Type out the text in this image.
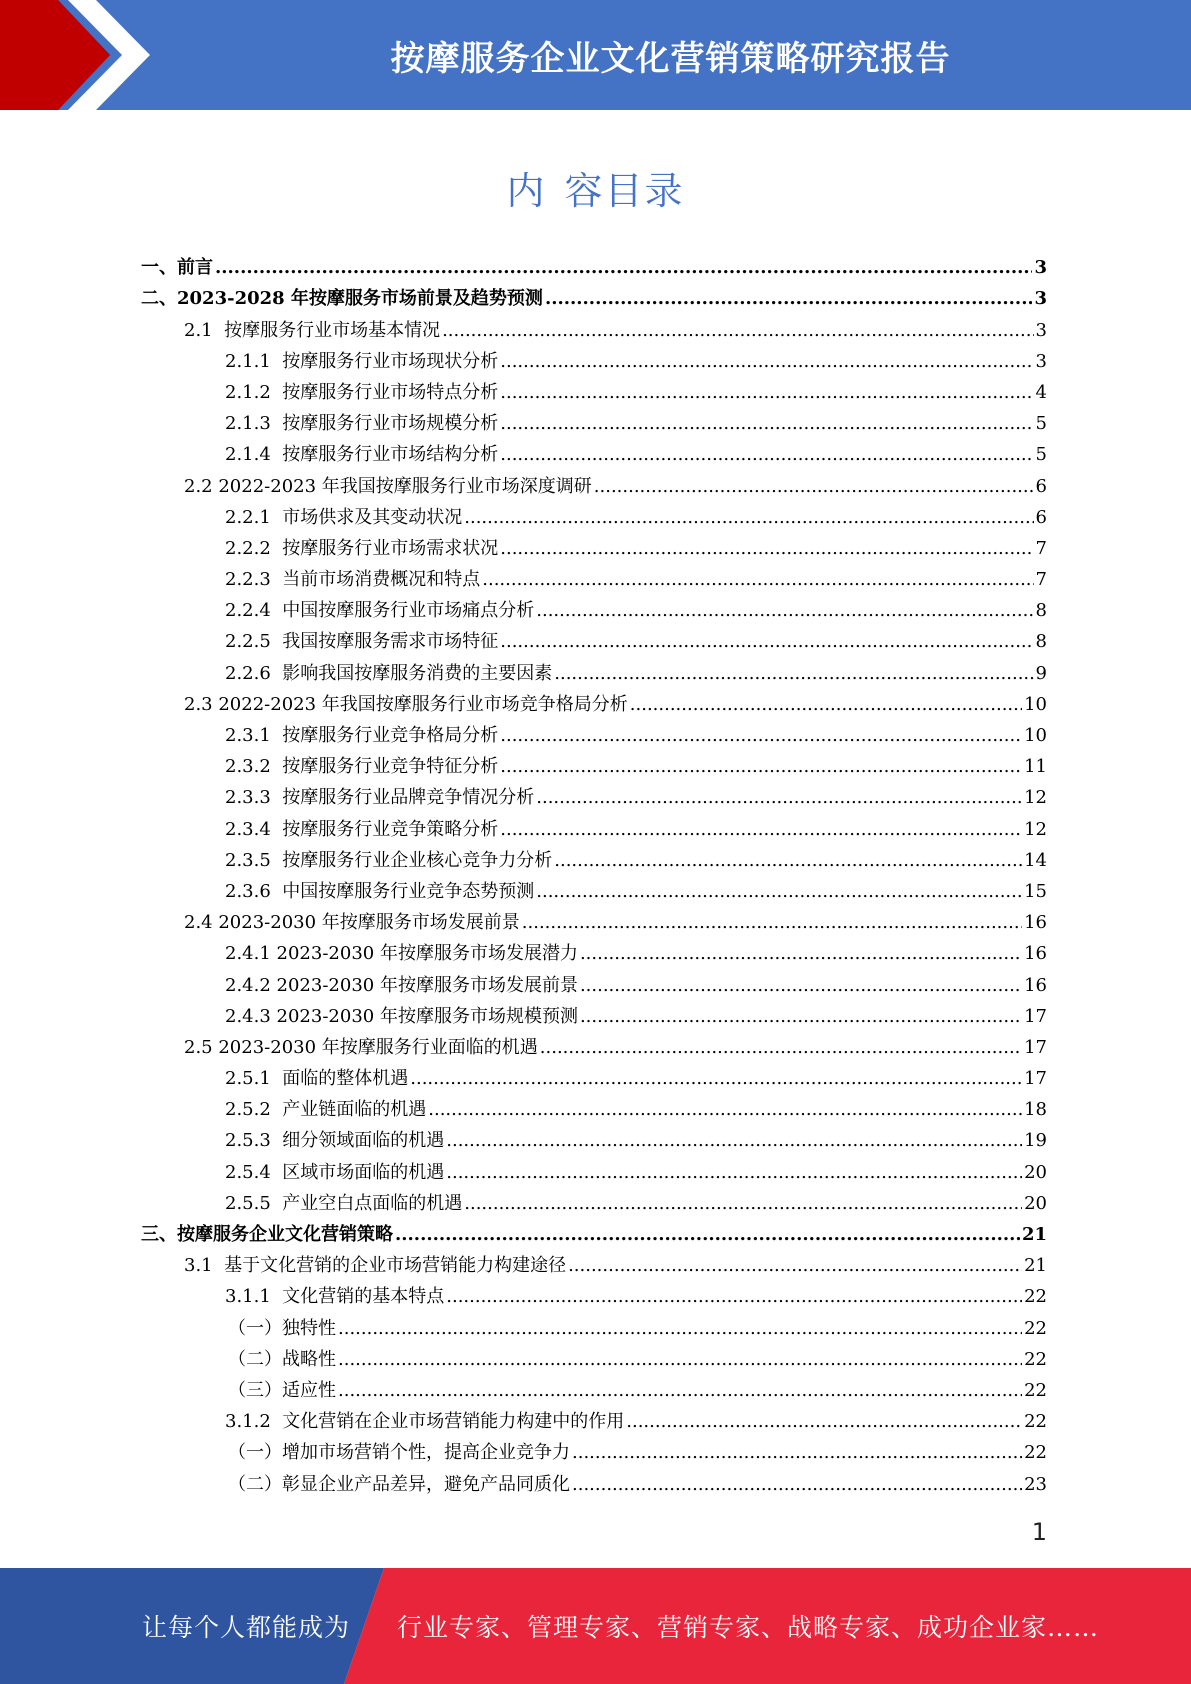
按摩服务企业文化营销策略研究报告
内 容目录
一、前言 .....	3
二、2023-2028 年按摩服务市场前景及趋势预测 .....	3
2.1  按摩服务行业市场基本情况 .....	3
2.1.1  按摩服务行业市场现状分析 .....	3
2.1.2  按摩服务行业市场特点分析 .....	4
2.1.3  按摩服务行业市场规模分析 .....	5
2.1.4  按摩服务行业市场结构分析 .....	5
2.2 2022-2023 年我国按摩服务行业市场深度调研 .....	6
2.2.1  市场供求及其变动状况 .....	6
2.2.2  按摩服务行业市场需求状况 .....	7
2.2.3  当前市场消费概况和特点 .....	7
2.2.4  中国按摩服务行业市场痛点分析 .....	8
2.2.5  我国按摩服务需求市场特征 .....	8
2.2.6  影响我国按摩服务消费的主要因素 .....	9
2.3 2022-2023 年我国按摩服务行业市场竞争格局分析 .....	10
2.3.1  按摩服务行业竞争格局分析 .....	10
2.3.2  按摩服务行业竞争特征分析 .....	11
2.3.3  按摩服务行业品牌竞争情况分析 .....	12
2.3.4  按摩服务行业竞争策略分析 .....	12
2.3.5  按摩服务行业企业核心竞争力分析 .....	14
2.3.6  中国按摩服务行业竞争态势预测 .....	15
2.4 2023-2030 年按摩服务市场发展前景 .....	16
2.4.1 2023-2030 年按摩服务市场发展潜力 .....	16
2.4.2 2023-2030 年按摩服务市场发展前景 .....	16
2.4.3 2023-2030 年按摩服务市场规模预测 .....	17
2.5 2023-2030 年按摩服务行业面临的机遇 .....	17
2.5.1  面临的整体机遇 .....	17
2.5.2  产业链面临的机遇 .....	18
2.5.3  细分领域面临的机遇 .....	19
2.5.4  区域市场面临的机遇 .....	20
2.5.5  产业空白点面临的机遇 .....	20
三、按摩服务企业文化营销策略 .....	21
3.1  基于文化营销的企业市场营销能力构建途径 .....	21
3.1.1  文化营销的基本特点 .....	22
（一）独特性 .....	22
（二）战略性 .....	22
（三）适应性 .....	22
3.1.2  文化营销在企业市场营销能力构建中的作用 .....	22
（一）增加市场营销个性，提高企业竞争力 .....	22
（二）彰显企业产品差异，避免产品同质化 .....	23
1
让每个人都能成为 行业专家、管理专家、营销专家、战略专家、成功企业家……
